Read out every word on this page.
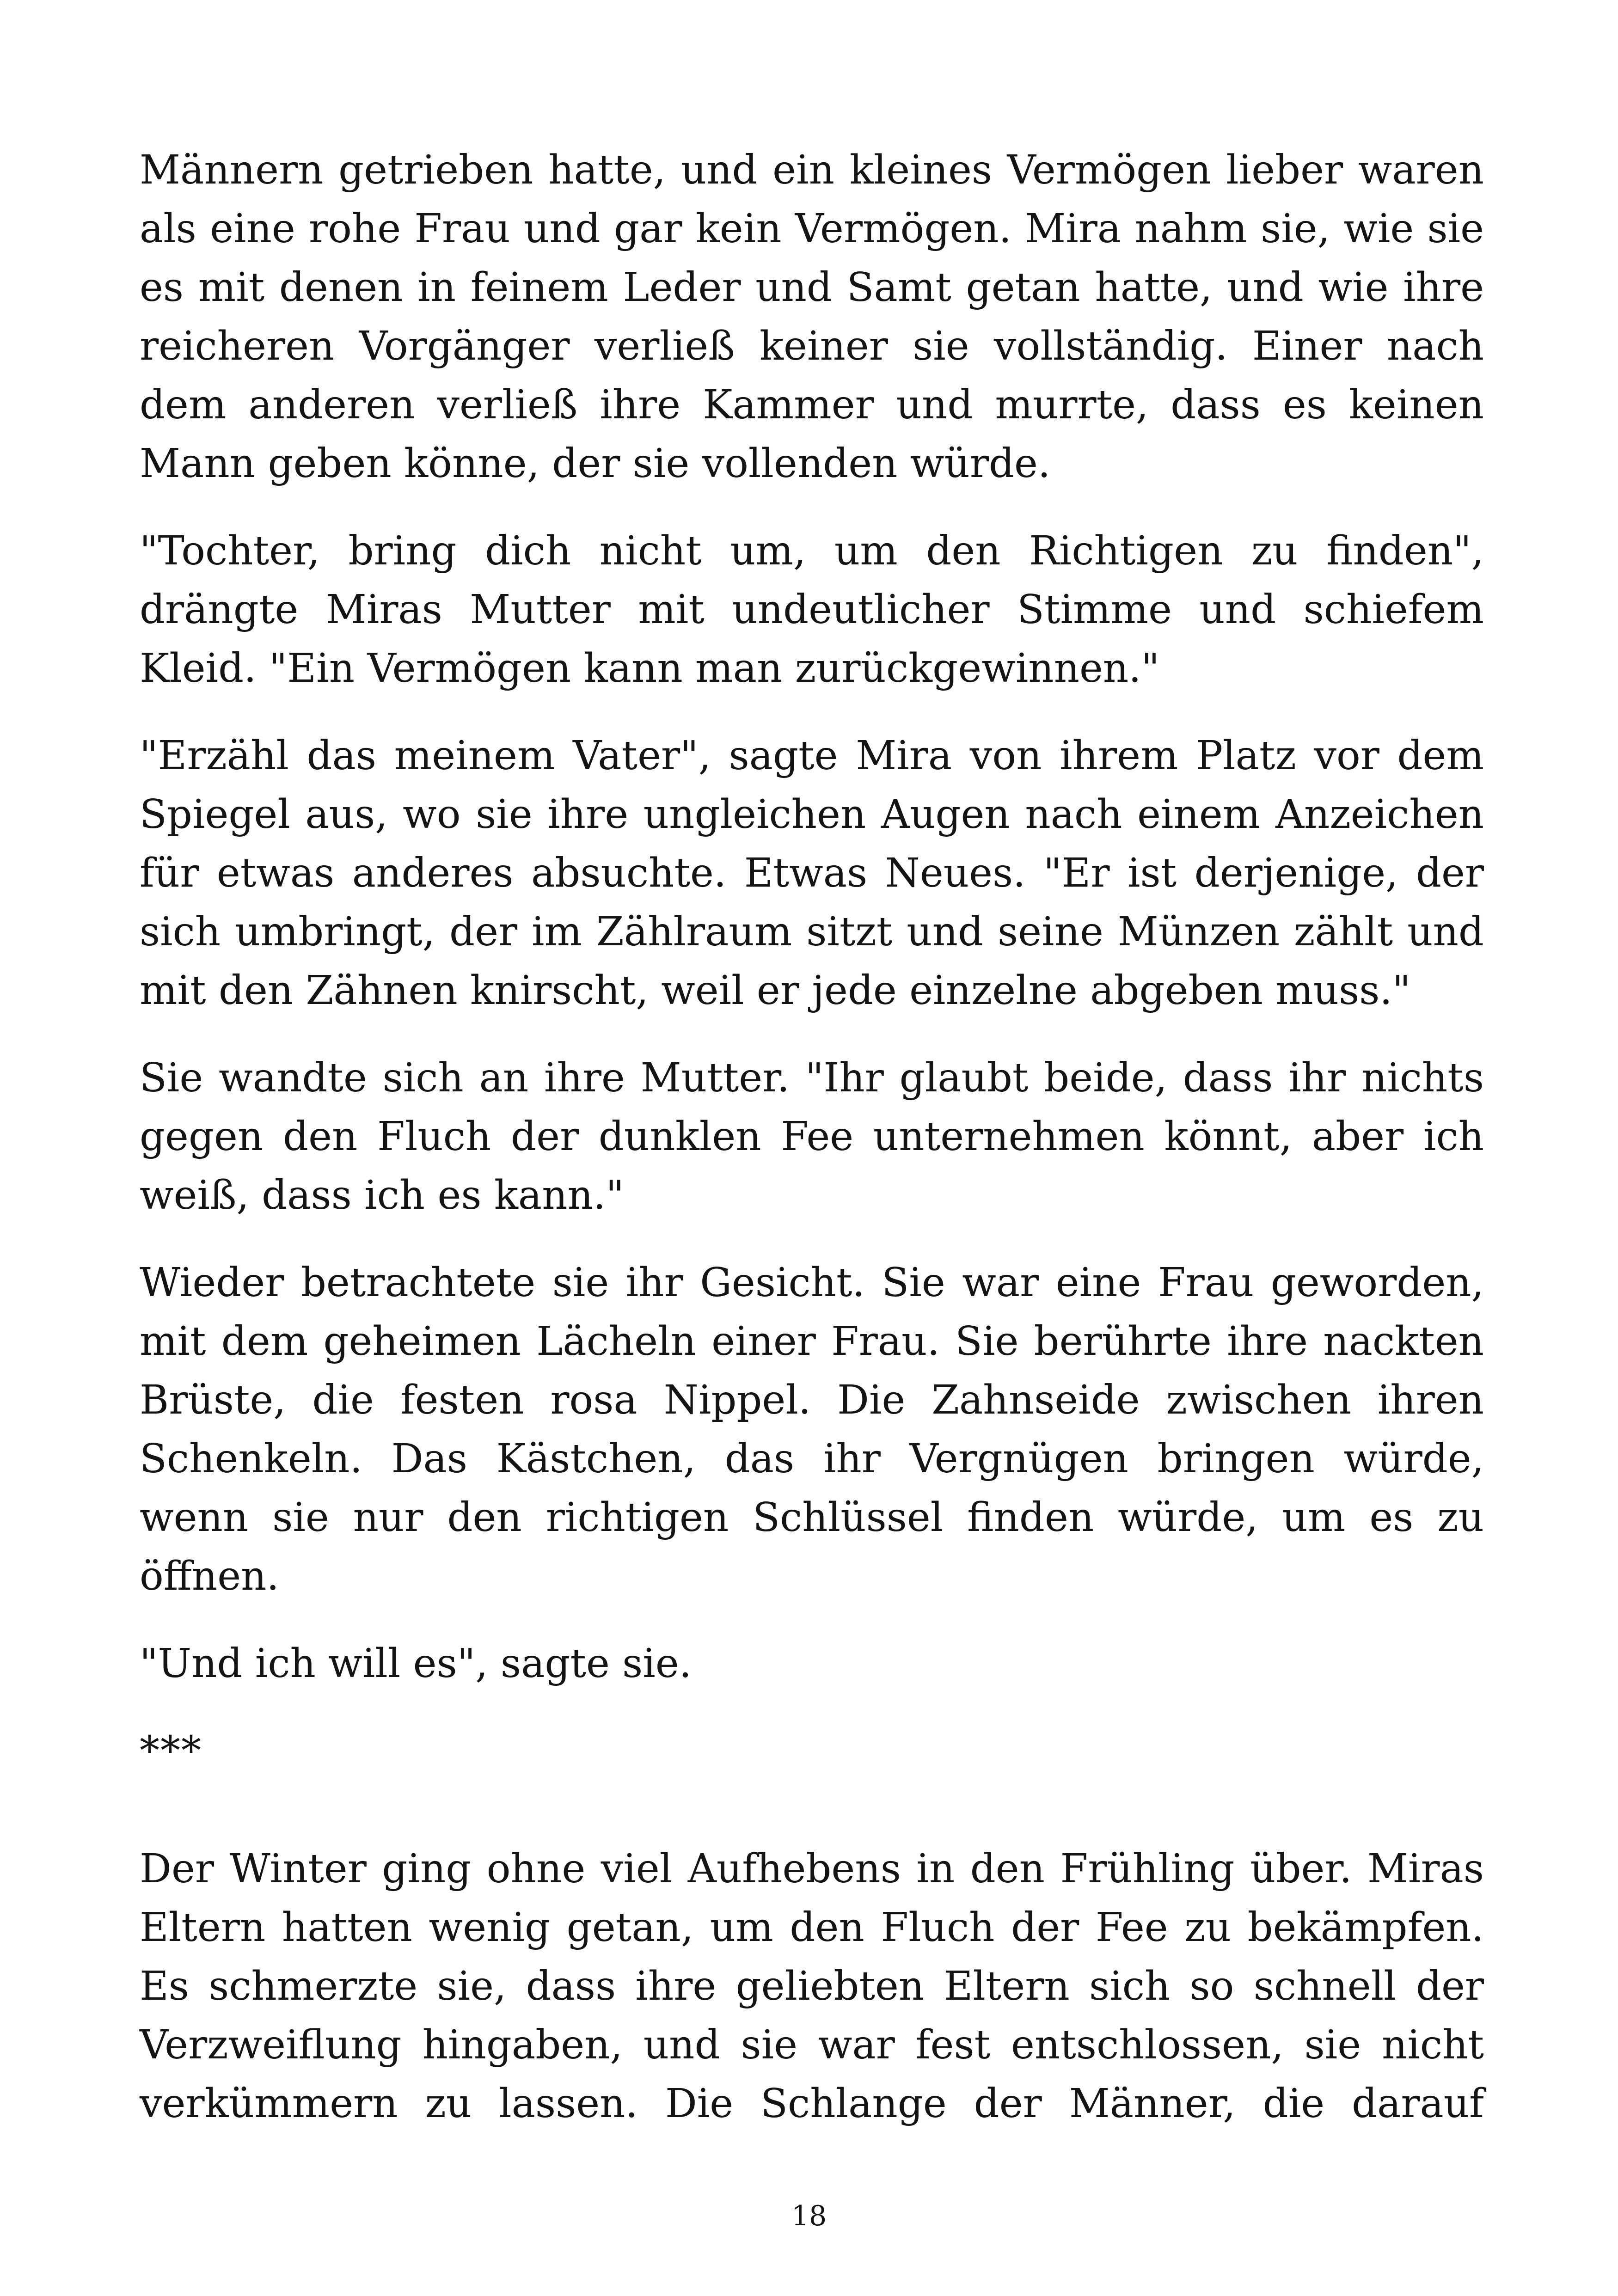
Männern getrieben hatte, und ein kleines Vermögen lieber waren als eine rohe Frau und gar kein Vermögen. Mira nahm sie, wie sie es mit denen in feinem Leder und Samt getan hatte, und wie ihre reicheren Vorgänger verließ keiner sie vollständig. Einer nach dem anderen verließ ihre Kammer und murrte, dass es keinen Mann geben könne, der sie vollenden würde.

"Tochter, bring dich nicht um, um den Richtigen zu finden", drängte Miras Mutter mit undeutlicher Stimme und schiefem Kleid. "Ein Vermögen kann man zurückgewinnen."

"Erzähl das meinem Vater", sagte Mira von ihrem Platz vor dem Spiegel aus, wo sie ihre ungleichen Augen nach einem Anzeichen für etwas anderes absuchte. Etwas Neues. "Er ist derjenige, der sich umbringt, der im Zählraum sitzt und seine Münzen zählt und mit den Zähnen knirscht, weil er jede einzelne abgeben muss."

Sie wandte sich an ihre Mutter. "Ihr glaubt beide, dass ihr nichts gegen den Fluch der dunklen Fee unternehmen könnt, aber ich weiß, dass ich es kann."

Wieder betrachtete sie ihr Gesicht. Sie war eine Frau geworden, mit dem geheimen Lächeln einer Frau. Sie berührte ihre nackten Brüste, die festen rosa Nippel. Die Zahnseide zwischen ihren Schenkeln. Das Kästchen, das ihr Vergnügen bringen würde, wenn sie nur den richtigen Schlüssel finden würde, um es zu öffnen.

"Und ich will es", sagte sie.

***

Der Winter ging ohne viel Aufhebens in den Frühling über. Miras Eltern hatten wenig getan, um den Fluch der Fee zu bekämpfen. Es schmerzte sie, dass ihre geliebten Eltern sich so schnell der Verzweiflung hingaben, und sie war fest entschlossen, sie nicht verkümmern zu lassen. Die Schlange der Männer, die darauf

18
